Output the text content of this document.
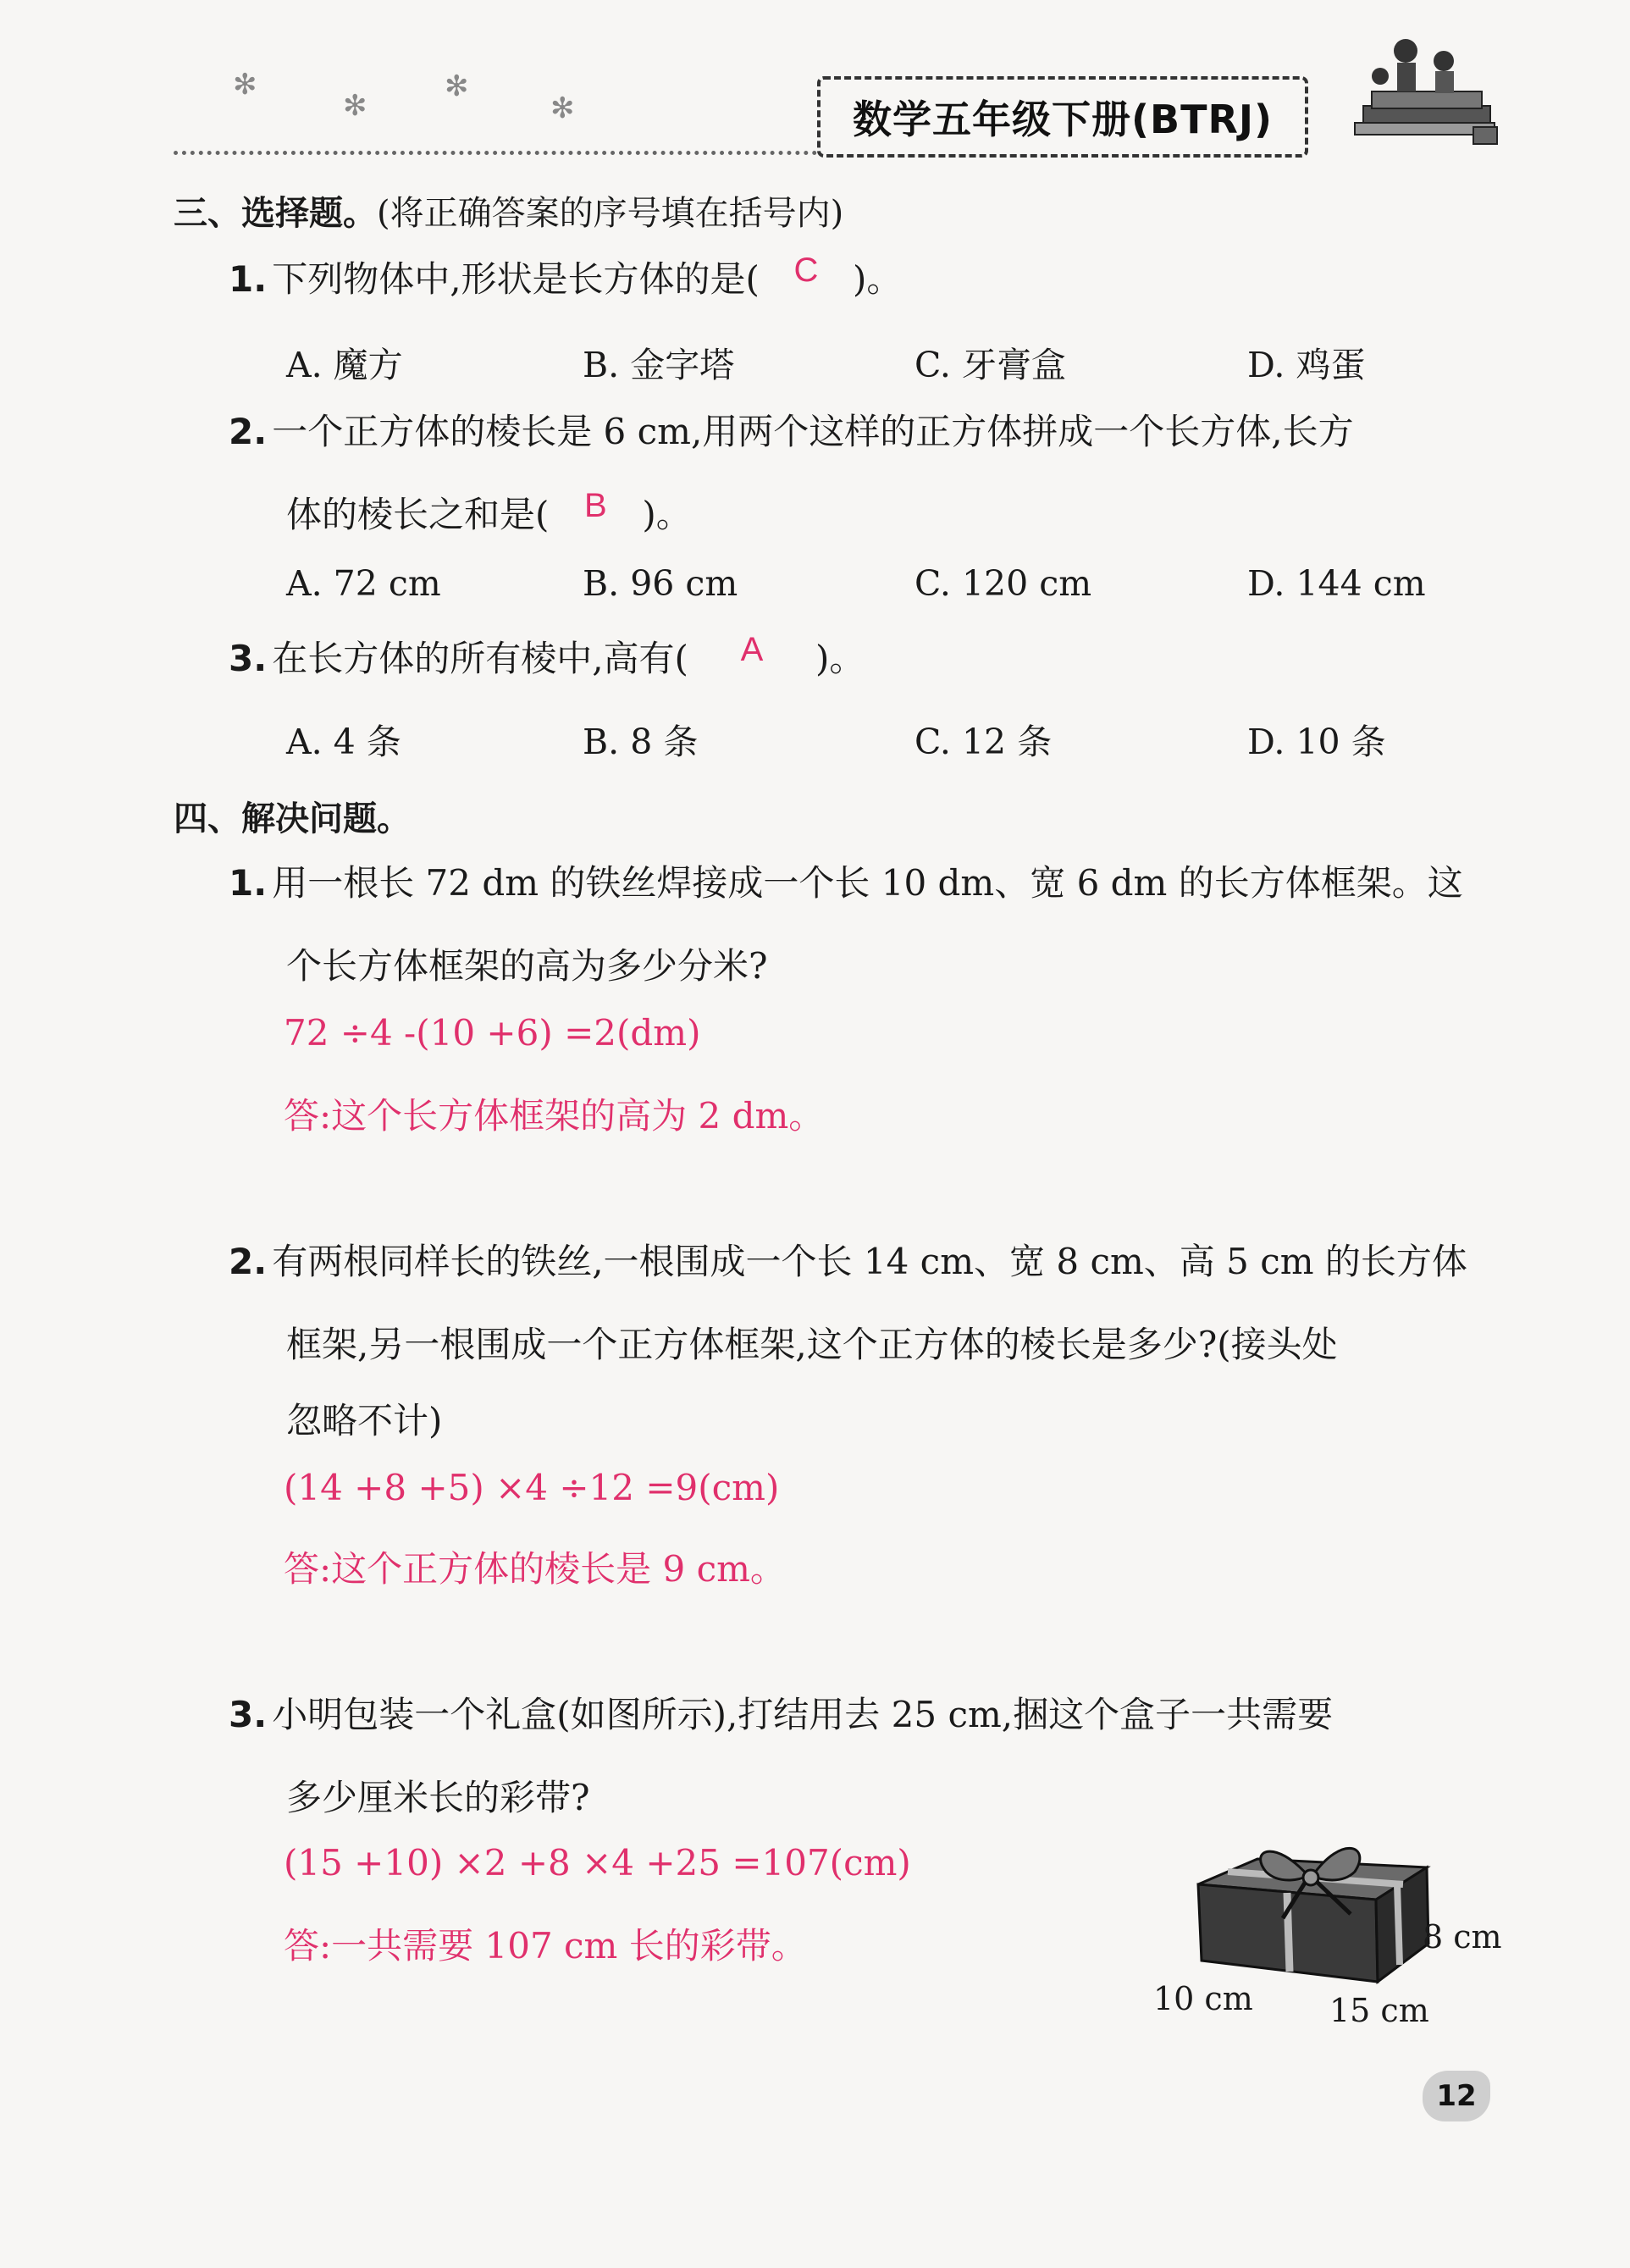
✻
✻
✻
✻	数学五年级下册(BTRJ)
三、选择题。(将正确答案的序号填在括号内)
1. 下列物体中,形状是长方体的是( C )。
A. 魔方	B. 金字塔	C. 牙膏盒	D. 鸡蛋
2. 一个正方体的棱长是 6 cm,用两个这样的正方体拼成一个长方体,长方
体的棱长之和是( B )。
A. 72 cm	B. 96 cm	C. 120 cm	D. 144 cm
3. 在长方体的所有棱中,高有( A )。
A. 4 条	B. 8 条	C. 12 条	D. 10 条
四、解决问题。
1. 用一根长 72 dm 的铁丝焊接成一个长 10 dm、宽 6 dm 的长方体框架。这
个长方体框架的高为多少分米?
72 ÷4 -(10 +6) =2(dm)
答:这个长方体框架的高为 2 dm。
2. 有两根同样长的铁丝,一根围成一个长 14 cm、宽 8 cm、高 5 cm 的长方体
框架,另一根围成一个正方体框架,这个正方体的棱长是多少?(接头处
忽略不计)
(14 +8 +5) ×4 ÷12 =9(cm)
答:这个正方体的棱长是 9 cm。
3. 小明包装一个礼盒(如图所示),打结用去 25 cm,捆这个盒子一共需要
多少厘米长的彩带?
(15 +10) ×2 +8 ×4 +25 =107(cm)
答:一共需要 107 cm 长的彩带。	8 cm
10 cm 15 cm
12
